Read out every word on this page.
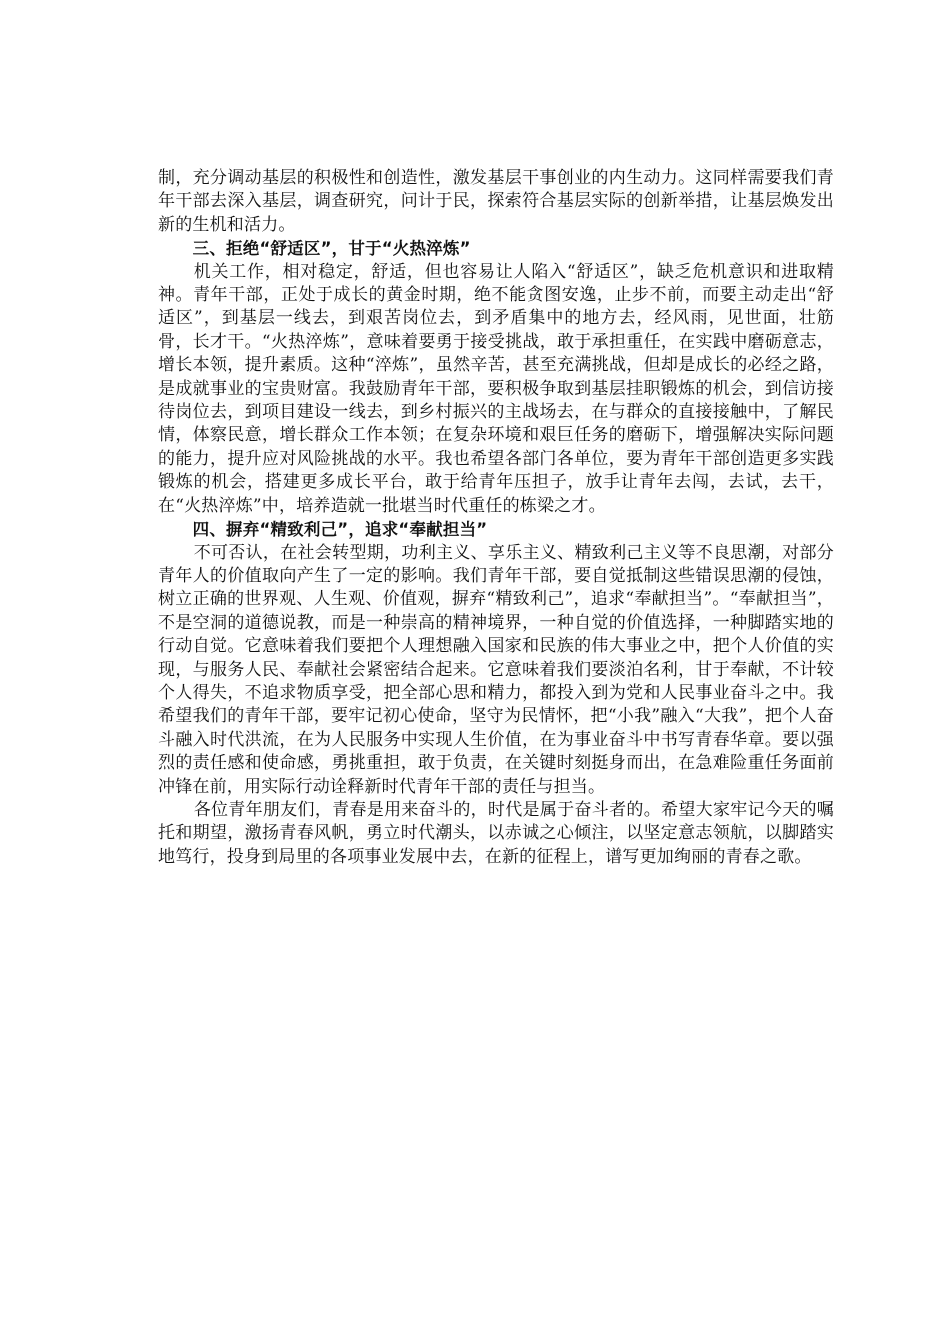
制，充分调动基层的积极性和创造性，激发基层干事创业的内生动力。这同样需要我们青年干部去深入基层，调查研究，问计于民，探索符合基层实际的创新举措，让基层焕发出新的生机和活力。

三、拒绝“舒适区”，甘于“火热淬炼”

机关工作，相对稳定，舒适，但也容易让人陷入“舒适区”，缺乏危机意识和进取精神。青年干部，正处于成长的黄金时期，绝不能贪图安逸，止步不前，而要主动走出“舒适区”，到基层一线去，到艰苦岗位去，到矛盾集中的地方去，经风雨，见世面，壮筋骨，长才干。“火热淬炼”，意味着要勇于接受挑战，敢于承担重任，在实践中磨砺意志，增长本领，提升素质。这种“淬炼”，虽然辛苦，甚至充满挑战，但却是成长的必经之路，是成就事业的宝贵财富。我鼓励青年干部，要积极争取到基层挂职锻炼的机会，到信访接待岗位去，到项目建设一线去，到乡村振兴的主战场去，在与群众的直接接触中，了解民情，体察民意，增长群众工作本领；在复杂环境和艰巨任务的磨砺下，增强解决实际问题的能力，提升应对风险挑战的水平。我也希望各部门各单位，要为青年干部创造更多实践锻炼的机会，搭建更多成长平台，敢于给青年压担子，放手让青年去闯，去试，去干，在“火热淬炼”中，培养造就一批堪当时代重任的栋梁之才。

四、摒弃“精致利己”，追求“奉献担当”

不可否认，在社会转型期，功利主义、享乐主义、精致利己主义等不良思潮，对部分青年人的价值取向产生了一定的影响。我们青年干部，要自觉抵制这些错误思潮的侵蚀，树立正确的世界观、人生观、价值观，摒弃“精致利己”，追求“奉献担当”。“奉献担当”，不是空洞的道德说教，而是一种崇高的精神境界，一种自觉的价值选择，一种脚踏实地的行动自觉。它意味着我们要把个人理想融入国家和民族的伟大事业之中，把个人价值的实现，与服务人民、奉献社会紧密结合起来。它意味着我们要淡泊名利，甘于奉献，不计较个人得失，不追求物质享受，把全部心思和精力，都投入到为党和人民事业奋斗之中。我希望我们的青年干部，要牢记初心使命，坚守为民情怀，把“小我”融入“大我”，把个人奋斗融入时代洪流，在为人民服务中实现人生价值，在为事业奋斗中书写青春华章。要以强烈的责任感和使命感，勇挑重担，敢于负责，在关键时刻挺身而出，在急难险重任务面前冲锋在前，用实际行动诠释新时代青年干部的责任与担当。

各位青年朋友们，青春是用来奋斗的，时代是属于奋斗者的。希望大家牢记今天的嘱托和期望，激扬青春风帆，勇立时代潮头，以赤诚之心倾注，以坚定意志领航，以脚踏实地笃行，投身到局里的各项事业发展中去，在新的征程上，谱写更加绚丽的青春之歌。
